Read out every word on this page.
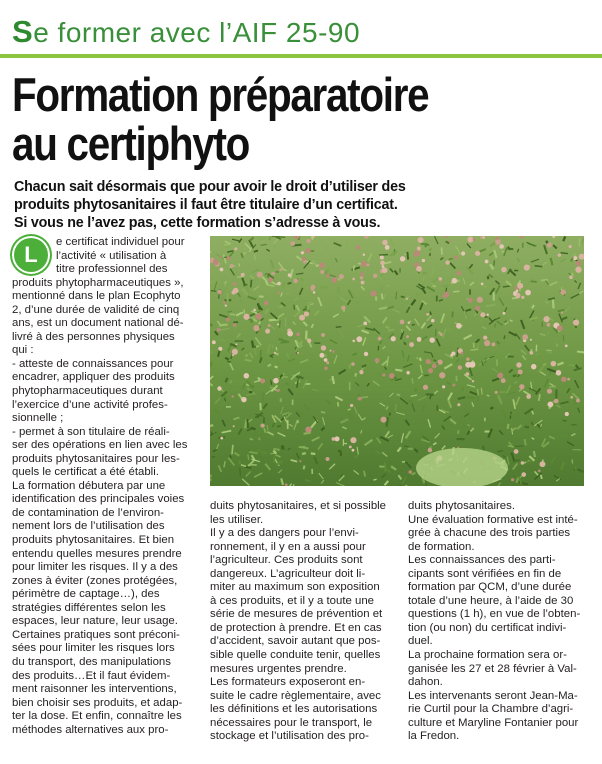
Se former avec l’AIF 25-90
Formation préparatoire
au certiphyto
Chacun sait désormais que pour avoir le droit d’utiliser des
produits phytosanitaires il faut être titulaire d’un certificat.
Si vous ne l’avez pas, cette formation s’adresse à vous.
L	e certificat individuel pour
l’activité « utilisation à
titre professionnel des
produits phytopharmaceutiques »,
mentionné dans le plan Ecophyto
2, d’une durée de validité de cinq
ans, est un document national dé-
livré à des personnes physiques
qui :
- atteste de connaissances pour
encadrer, appliquer des produits
phytopharmaceutiques durant
l’exercice d’une activité profes-
sionnelle ;
- permet à son titulaire de réali-
ser des opérations en lien avec les
produits phytosanitaires pour les-
quels le certificat a été établi.
La formation débutera par une
identification des principales voies
de contamination de l’environ-
nement lors de l’utilisation des
produits phytosanitaires. Et bien
entendu quelles mesures prendre
pour limiter les risques. Il y a des
zones à éviter (zones protégées,
périmètre de captage…), des
stratégies différentes selon les
espaces, leur nature, leur usage.
Certaines pratiques sont préconi-
sées pour limiter les risques lors
du transport, des manipulations
des produits…Et il faut évidem-
ment raisonner les interventions,
bien choisir ses produits, et adap-
ter la dose. Et enfin, connaître les
méthodes alternatives aux pro-
duits phytosanitaires, et si possible
les utiliser.
Il y a des dangers pour l’envi-
ronnement, il y en a aussi pour
l’agriculteur. Ces produits sont
dangereux. L’agriculteur doit li-
miter au maximum son exposition
à ces produits, et il y a toute une
série de mesures de prévention et
de protection à prendre. Et en cas
d’accident, savoir autant que pos-
sible quelle conduite tenir, quelles
mesures urgentes prendre.
Les formateurs exposeront en-
suite le cadre règlementaire, avec
les définitions et les autorisations
nécessaires pour le transport, le
stockage et l’utilisation des pro-
duits phytosanitaires.
Une évaluation formative est inté-
grée à chacune des trois parties
de formation.
Les connaissances des parti-
cipants sont vérifiées en fin de
formation par QCM, d’une durée
totale d’une heure, à l’aide de 30
questions (1 h), en vue de l’obten-
tion (ou non) du certificat indivi-
duel.
La prochaine formation sera or-
ganisée les 27 et 28 février à Val-
dahon.
Les intervenants seront Jean-Ma-
rie Curtil pour la Chambre d’agri-
culture et Maryline Fontanier pour
la Fredon.
